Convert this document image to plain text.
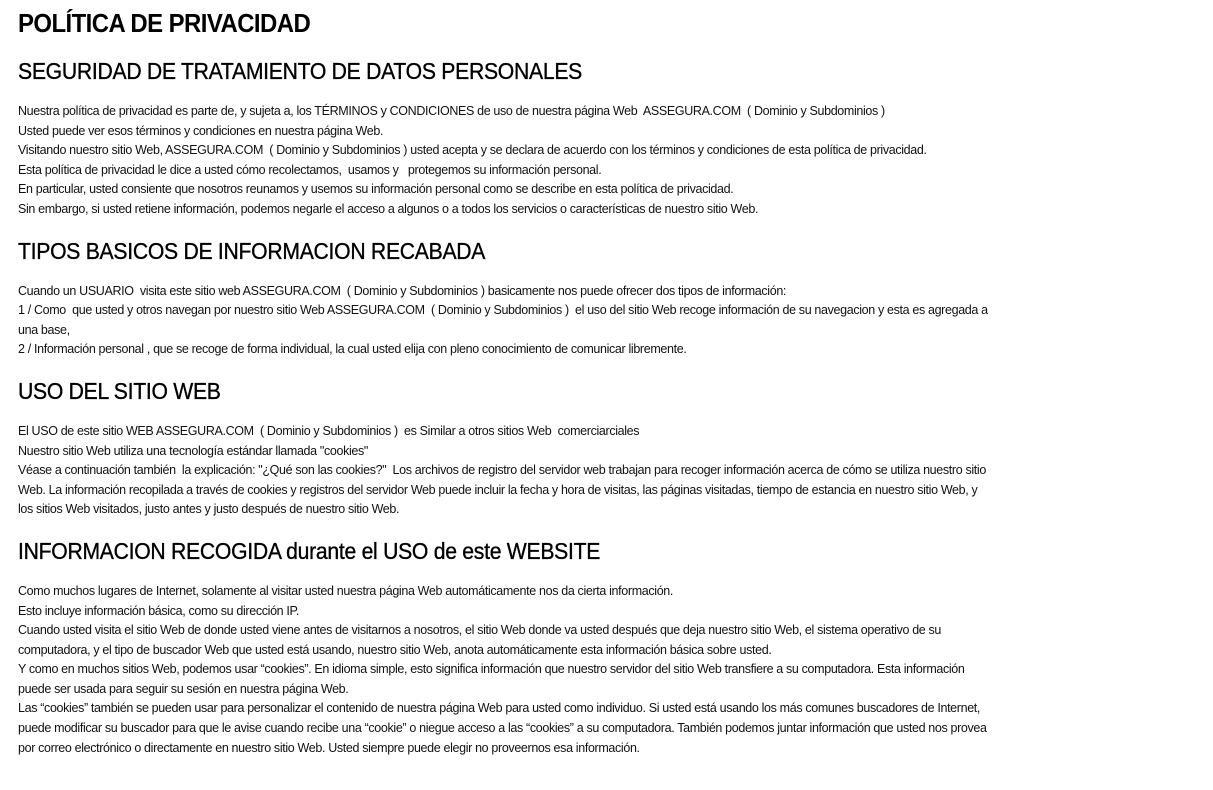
POLÍTICA DE PRIVACIDAD
SEGURIDAD DE TRATAMIENTO DE DATOS PERSONALES

Nuestra política de privacidad es parte de, y sujeta a, los TÉRMINOS y CONDICIONES de uso de nuestra página Web  ASSEGURA.COM  ( Dominio y Subdominios )

Usted puede ver esos términos y condiciones en nuestra página Web.

Visitando nuestro sitio Web, ASSEGURA.COM  ( Dominio y Subdominios ) usted acepta y se declara de acuerdo con los términos y condiciones de esta política de privacidad.

Esta política de privacidad le dice a usted cómo recolectamos,  usamos y   protegemos su información personal.

En particular, usted consiente que nosotros reunamos y usemos su información personal como se describe en esta política de privacidad.

Sin embargo, si usted retiene información, podemos negarle el acceso a algunos o a todos los servicios o características de nuestro sitio Web.

TIPOS BASICOS DE INFORMACION RECABADA

Cuando un USUARIO  visita este sitio web ASSEGURA.COM  ( Dominio y Subdominios ) basicamente nos puede ofrecer dos tipos de información:

1 / Como  que usted y otros navegan por nuestro sitio Web ASSEGURA.COM  ( Dominio y Subdominios )  el uso del sitio Web recoge información de su navegacion y esta es agregada a

una base,

2 / Información personal , que se recoge de forma individual, la cual usted elija con pleno conocimiento de comunicar libremente.

USO DEL SITIO WEB

El USO de este sitio WEB ASSEGURA.COM  ( Dominio y Subdominios )  es Similar a otros sitios Web  comerciarciales

Nuestro sitio Web utiliza una tecnología estándar llamada "cookies"

Véase a continuación también  la explicación: "¿Qué son las cookies?"  Los archivos de registro del servidor web trabajan para recoger información acerca de cómo se utiliza nuestro sitio

Web. La información recopilada a través de cookies y registros del servidor Web puede incluir la fecha y hora de visitas, las páginas visitadas, tiempo de estancia en nuestro sitio Web, y

los sitios Web visitados, justo antes y justo después de nuestro sitio Web.

INFORMACION RECOGIDA durante el USO de este WEBSITE

Como muchos lugares de Internet, solamente al visitar usted nuestra página Web automáticamente nos da cierta información.

Esto incluye información básica, como su dirección IP.

Cuando usted visita el sitio Web de donde usted viene antes de visitarnos a nosotros, el sitio Web donde va usted después que deja nuestro sitio Web, el sistema operativo de su

computadora, y el tipo de buscador Web que usted está usando, nuestro sitio Web, anota automáticamente esta información básica sobre usted.

Y como en muchos sitios Web, podemos usar “cookies”. En idioma simple, esto significa información que nuestro servidor del sitio Web transfiere a su computadora. Esta información

puede ser usada para seguir su sesión en nuestra página Web.

Las “cookies” también se pueden usar para personalizar el contenido de nuestra página Web para usted como individuo. Si usted está usando los más comunes buscadores de Internet,

puede modificar su buscador para que le avise cuando recibe una “cookie” o niegue acceso a las “cookies” a su computadora. También podemos juntar información que usted nos provea

por correo electrónico o directamente en nuestro sitio Web. Usted siempre puede elegir no proveernos esa información.
